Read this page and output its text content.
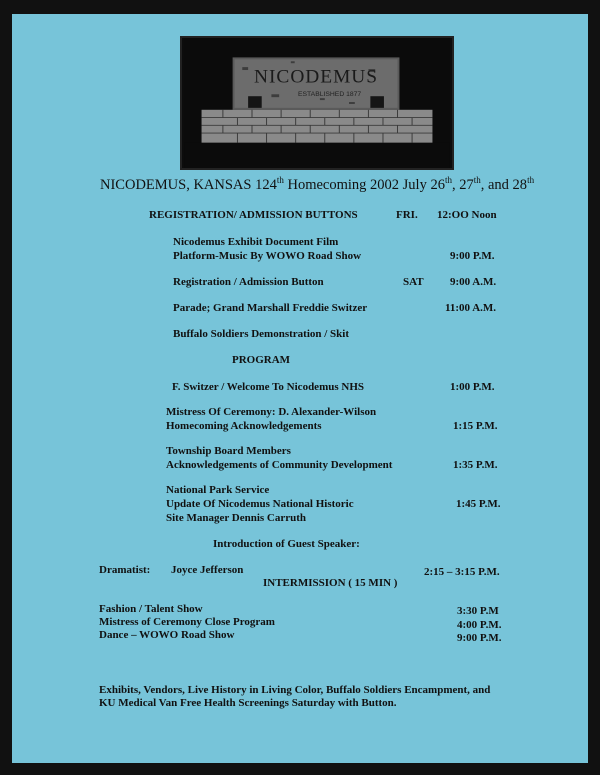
NICODEMUS
ESTABLISHED 1877
NICODEMUS, KANSAS 124th Homecoming 2002 July 26th, 27th, and 28th
REGISTRATION/ ADMISSION BUTTONS	FRI. 12:OO Noon
Nicodemus Exhibit Document Film
Platform-Music By WOWO Road Show	9:00 P.M.
Registration / Admission Button	SAT 9:00 A.M.
Parade; Grand Marshall Freddie Switzer	11:00 A.M.
Buffalo Soldiers Demonstration / Skit
PROGRAM
F. Switzer / Welcome To Nicodemus NHS	1:00 P.M.
Mistress Of Ceremony: D. Alexander-Wilson
Homecoming Acknowledgements	1:15 P.M.
Township Board Members
Acknowledgements of Community Development	1:35 P.M.
National Park Service
Update Of Nicodemus National Historic
Site Manager Dennis Carruth
1:45 P.M.
Introduction of Guest Speaker:
Dramatist: Joyce Jefferson	2:15 – 3:15 P.M.
INTERMISSION ( 15 MIN )
Fashion / Talent Show	3:30 P.M
Mistress of Ceremony Close Program	4:00 P.M.
Dance – WOWO Road Show	9:00 P.M.
Exhibits, Vendors, Live History in Living Color, Buffalo Soldiers Encampment, and
KU Medical Van Free Health Screenings Saturday with Button.
